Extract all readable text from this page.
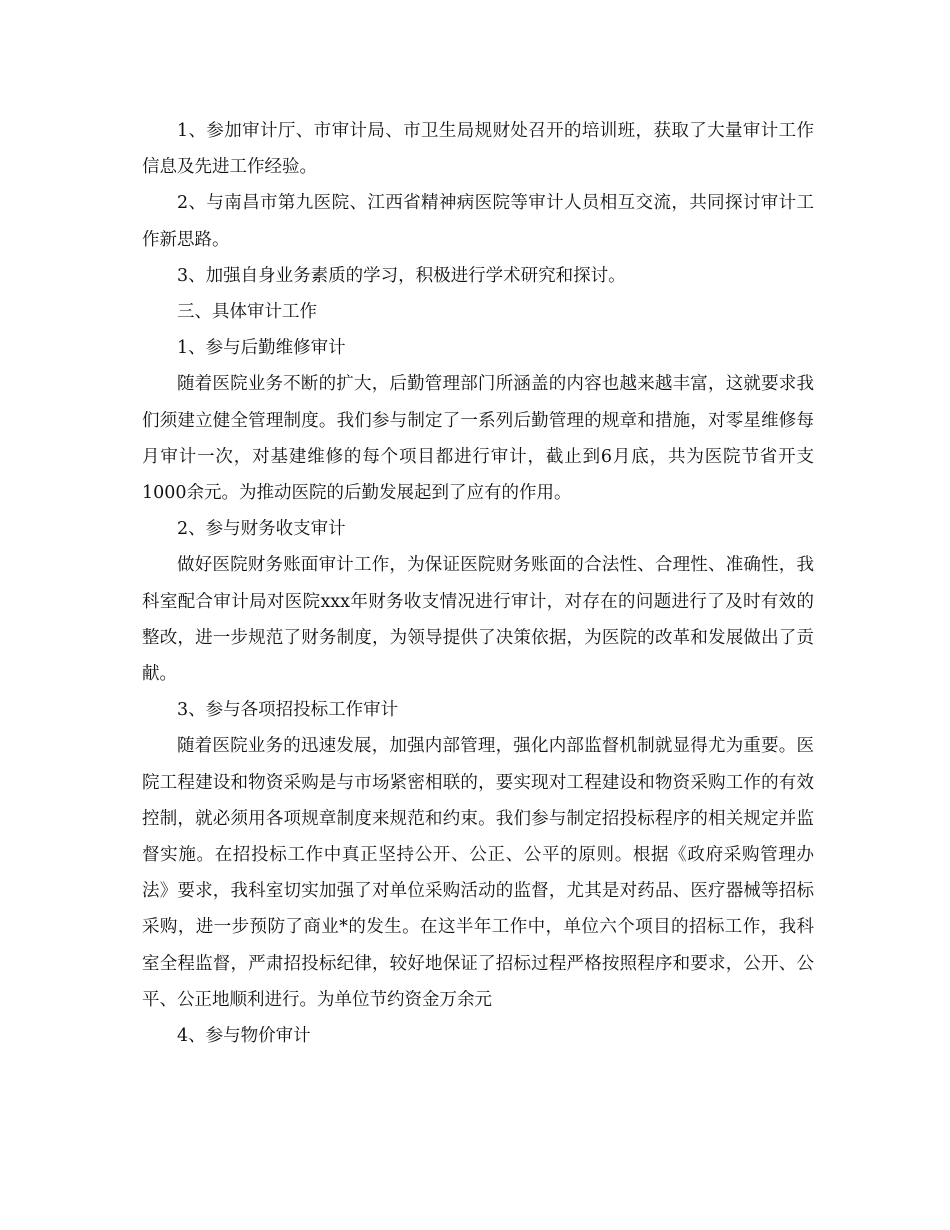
1、参加审计厅、市审计局、市卫生局规财处召开的培训班，获取了大量审计工作信息及先进工作经验。

2、与南昌市第九医院、江西省精神病医院等审计人员相互交流，共同探讨审计工作新思路。

3、加强自身业务素质的学习，积极进行学术研究和探讨。

三、具体审计工作

1、参与后勤维修审计

随着医院业务不断的扩大，后勤管理部门所涵盖的内容也越来越丰富，这就要求我们须建立健全管理制度。我们参与制定了一系列后勤管理的规章和措施，对零星维修每月审计一次，对基建维修的每个项目都进行审计，截止到6月底，共为医院节省开支1000余元。为推动医院的后勤发展起到了应有的作用。

2、参与财务收支审计

做好医院财务账面审计工作，为保证医院财务账面的合法性、合理性、准确性，我科室配合审计局对医院xxx年财务收支情况进行审计，对存在的问题进行了及时有效的整改，进一步规范了财务制度，为领导提供了决策依据，为医院的改革和发展做出了贡献。

3、参与各项招投标工作审计

随着医院业务的迅速发展，加强内部管理，强化内部监督机制就显得尤为重要。医院工程建设和物资采购是与市场紧密相联的，要实现对工程建设和物资采购工作的有效控制，就必须用各项规章制度来规范和约束。我们参与制定招投标程序的相关规定并监督实施。在招投标工作中真正坚持公开、公正、公平的原则。根据《政府采购管理办法》要求，我科室切实加强了对单位采购活动的监督，尤其是对药品、医疗器械等招标采购，进一步预防了商业*的发生。在这半年工作中，单位六个项目的招标工作，我科室全程监督，严肃招投标纪律，较好地保证了招标过程严格按照程序和要求，公开、公平、公正地顺利进行。为单位节约资金万余元

4、参与物价审计
